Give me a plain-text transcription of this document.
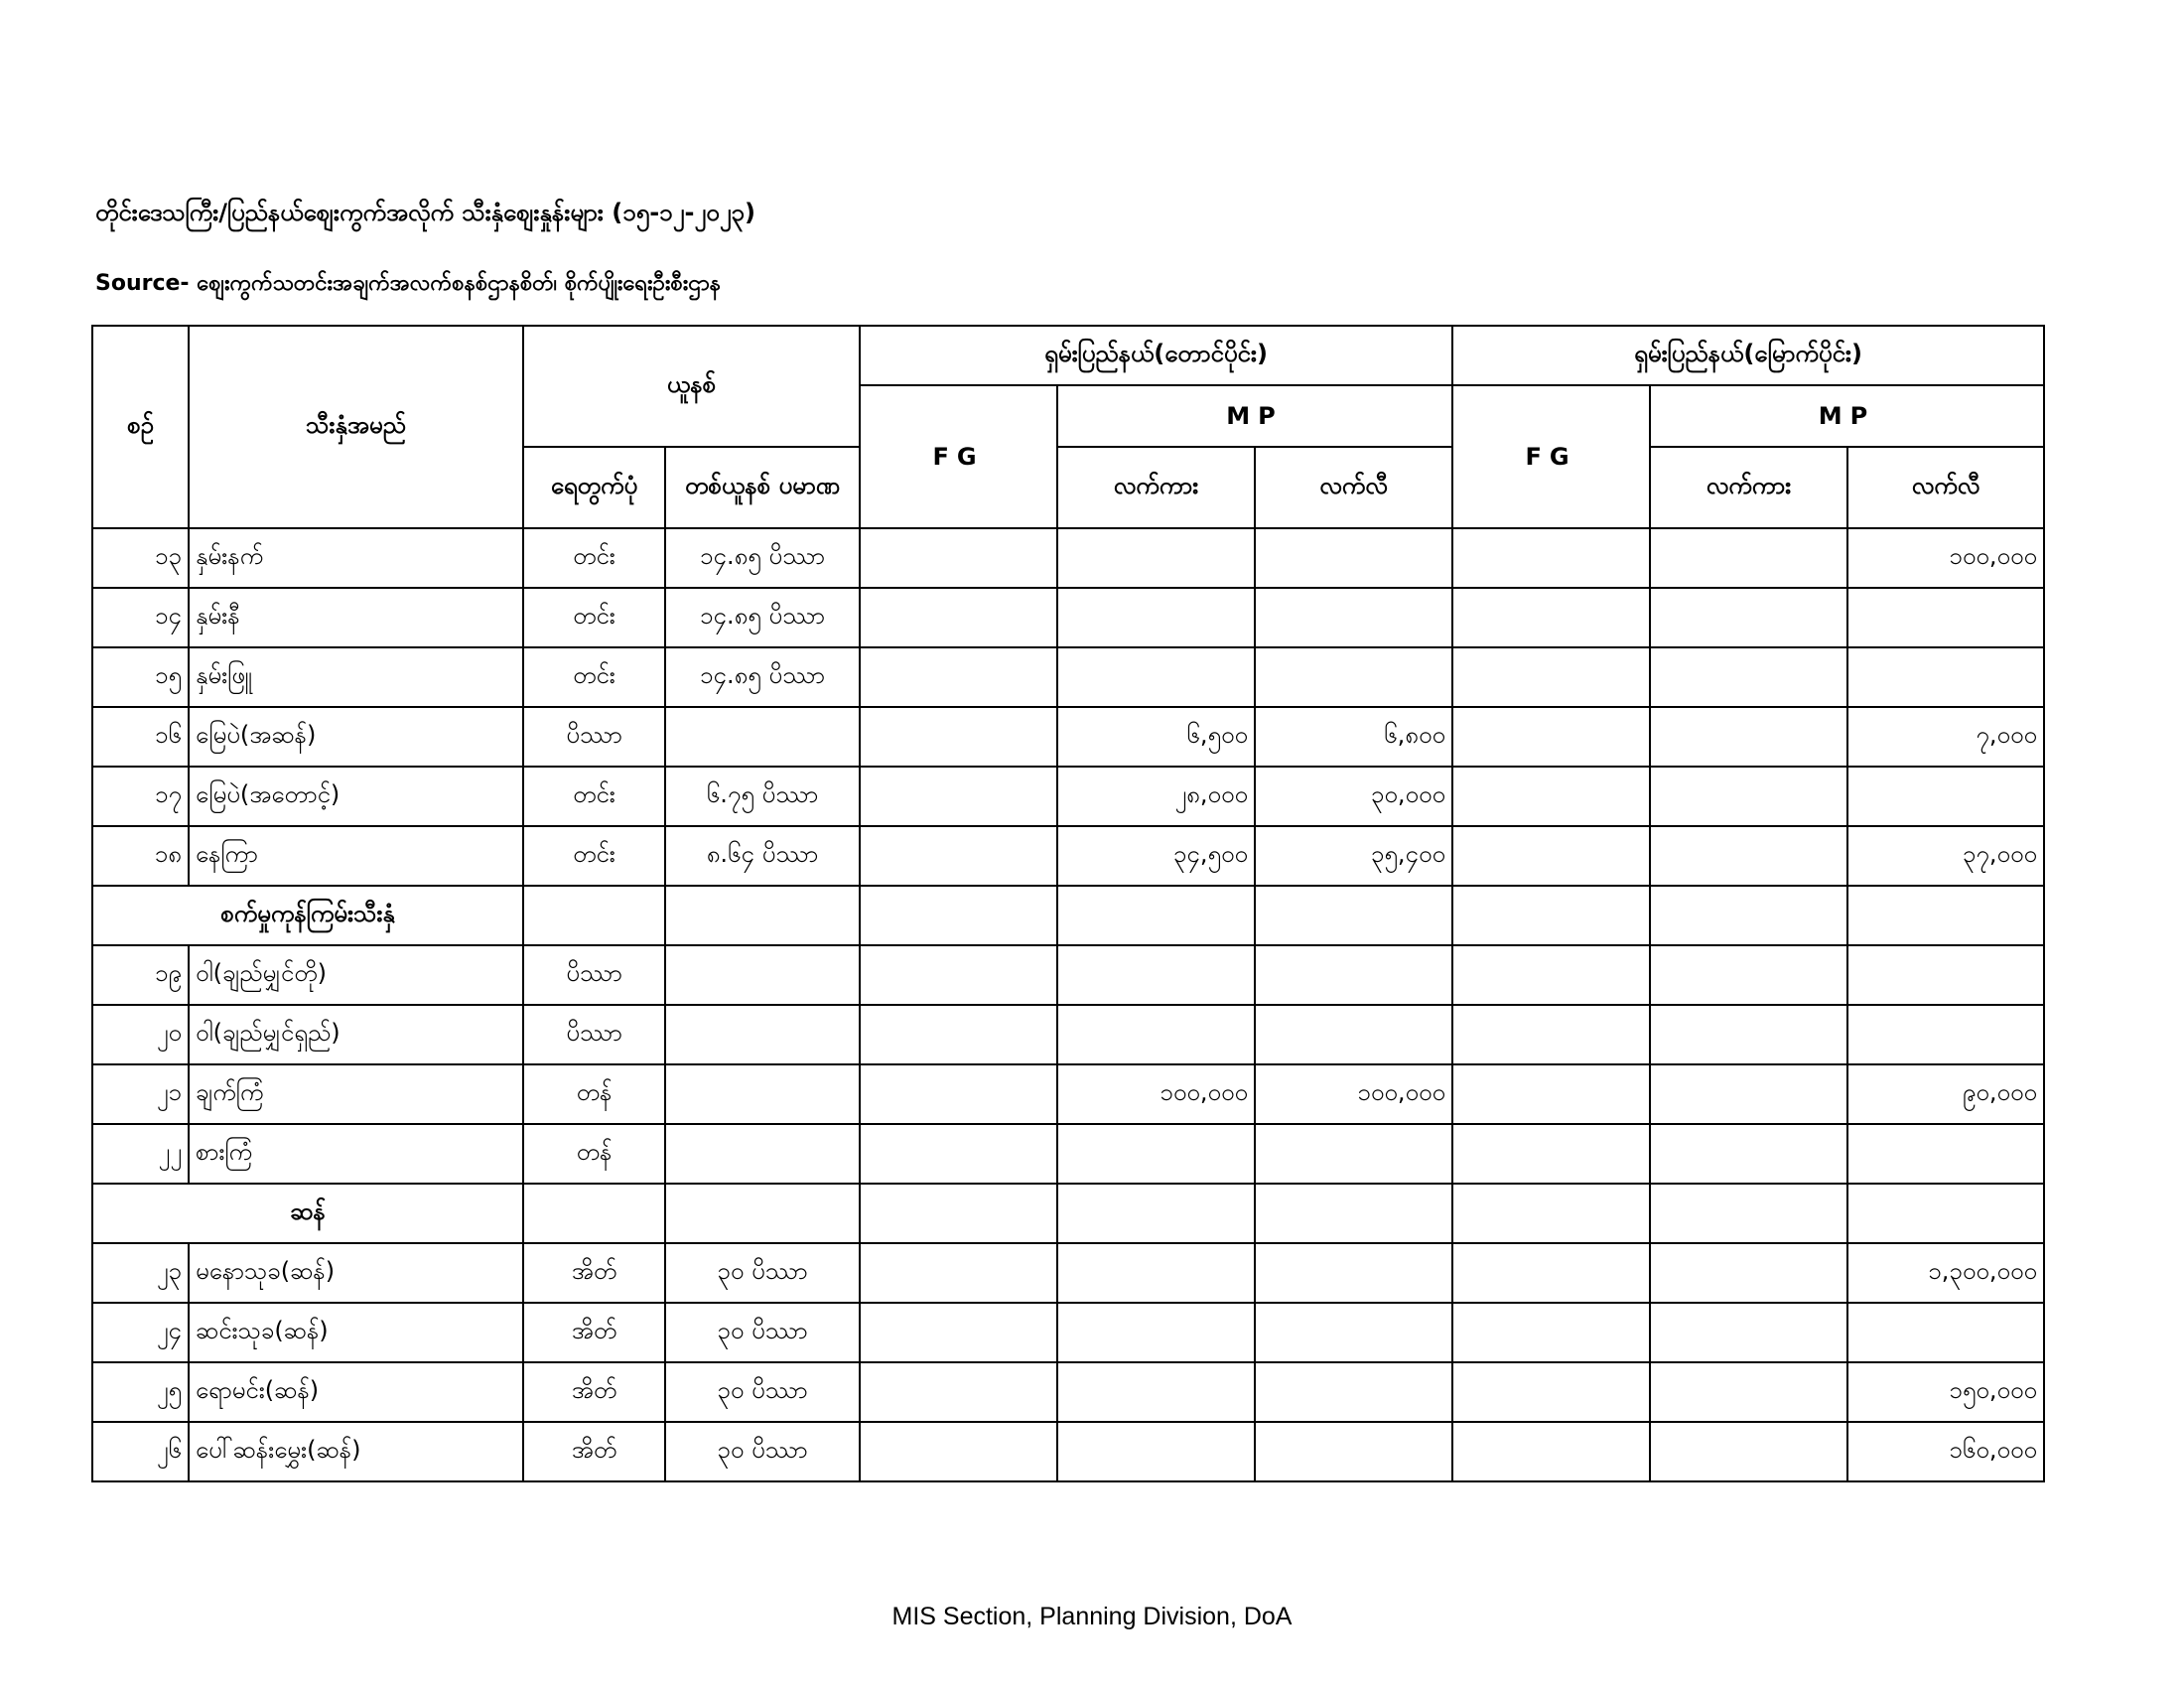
တိုင်းဒေသကြီး/ပြည်နယ်စျေးကွက်အလိုက် သီးနှံစျေးနှုန်းများ (၁၅-၁၂-၂၀၂၃)
Source- စျေးကွက်သတင်းအချက်အလက်စနစ်ဌာနစိတ်၊ စိုက်ပျိုးရေးဦးစီးဌာန
စဉ်	သီးနှံအမည်	ယူနစ်		ရှမ်းပြည်နယ်(တောင်ပိုင်း)			ရှမ်းပြည်နယ်(မြောက်ပိုင်း)		
				FG	MP		FG	MP	
		ရေတွက်ပုံ	တစ်ယူနစ် ပမာဏ		လက်ကား	လက်လီ		လက်ကား	လက်လီ
၁၃	နှမ်းနက်	တင်း	၁၄.၈၅ ပိဿာ						၁၀၀,၀၀၀
၁၄	နှမ်းနီ	တင်း	၁၄.၈၅ ပိဿာ						
၁၅	နှမ်းဖြူ	တင်း	၁၄.၈၅ ပိဿာ						
၁၆	မြေပဲ(အဆန်)	ပိဿာ			၆,၅၀၀	၆,၈၀၀			၇,၀၀၀
၁၇	မြေပဲ(အတောင့်)	တင်း	၆.၇၅ ပိဿာ		၂၈,၀၀၀	၃၀,၀၀၀			
၁၈	နေကြာ	တင်း	၈.၆၄ ပိဿာ		၃၄,၅၀၀	၃၅,၄၀၀			၃၇,၀၀၀
စက်မှုကုန်ကြမ်းသီးနှံ									
၁၉	ဝါ(ချည်မျှင်တို)	ပိဿာ							
၂၀	ဝါ(ချည်မျှင်ရှည်)	ပိဿာ							
၂၁	ချက်ကြံ	တန်			၁၀၀,၀၀၀	၁၀၀,၀၀၀			၉၀,၀၀၀
၂၂	စားကြံ	တန်							
ဆန်									
၂၃	မနောသုခ(ဆန်)	အိတ်	၃၀ ပိဿာ						၁,၃၀၀,၀၀၀
၂၄	ဆင်းသုခ(ဆန်)	အိတ်	၃၀ ပိဿာ						
၂၅	ရောမင်း(ဆန်)	အိတ်	၃၀ ပိဿာ						၁၅၀,၀၀၀
၂၆	ပေါ်ဆန်းမွှေး(ဆန်)	အိတ်	၃၀ ပိဿာ						၁၆၀,၀၀၀
MIS Section, Planning Division, DoA
